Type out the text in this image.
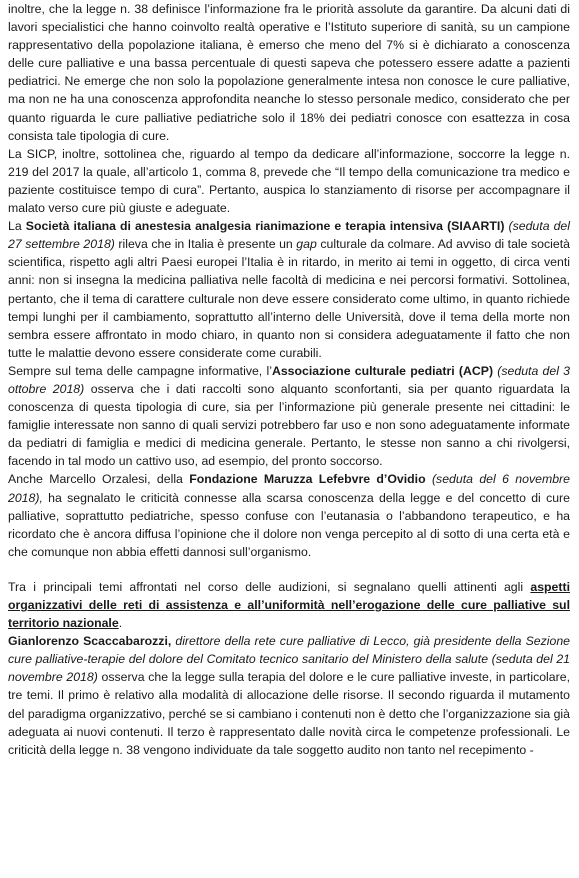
inoltre, che la legge n. 38 definisce l’informazione fra le priorità assolute da garantire. Da alcuni dati di lavori specialistici che hanno coinvolto realtà operative e l’Istituto superiore di sanità, su un campione rappresentativo della popolazione italiana, è emerso che meno del 7% si è dichiarato a conoscenza delle cure palliative e una bassa percentuale di questi sapeva che potessero essere adatte a pazienti pediatrici. Ne emerge che non solo la popolazione generalmente intesa non conosce le cure palliative, ma non ne ha una conoscenza approfondita neanche lo stesso personale medico, considerato che per quanto riguarda le cure palliative pediatriche solo il 18% dei pediatri conosce con esattezza in cosa consista tale tipologia di cure.

La SICP, inoltre, sottolinea che, riguardo al tempo da dedicare all’informazione, soccorre la legge n. 219 del 2017 la quale, all’articolo 1, comma 8, prevede che “Il tempo della comunicazione tra medico e paziente costituisce tempo di cura”. Pertanto, auspica lo stanziamento di risorse per accompagnare il malato verso cure più giuste e adeguate.

La Società italiana di anestesia analgesia rianimazione e terapia intensiva (SIAARTI) (seduta del 27 settembre 2018) rileva che in Italia è presente un gap culturale da colmare. Ad avviso di tale società scientifica, rispetto agli altri Paesi europei l’Italia è in ritardo, in merito ai temi in oggetto, di circa venti anni: non si insegna la medicina palliativa nelle facoltà di medicina e nei percorsi formativi. Sottolinea, pertanto, che il tema di carattere culturale non deve essere considerato come ultimo, in quanto richiede tempi lunghi per il cambiamento, soprattutto all’interno delle Università, dove il tema della morte non sembra essere affrontato in modo chiaro, in quanto non si considera adeguatamente il fatto che non tutte le malattie devono essere considerate come curabili.

Sempre sul tema delle campagne informative, l’Associazione culturale pediatri (ACP) (seduta del 3 ottobre 2018) osserva che i dati raccolti sono alquanto sconfortanti, sia per quanto riguardata la conoscenza di questa tipologia di cure, sia per l’informazione più generale presente nei cittadini: le famiglie interessate non sanno di quali servizi potrebbero far uso e non sono adeguatamente informate da pediatri di famiglia e medici di medicina generale. Pertanto, le stesse non sanno a chi rivolgersi, facendo in tal modo un cattivo uso, ad esempio, del pronto soccorso.

Anche Marcello Orzalesi, della Fondazione Maruzza Lefebvre d’Ovidio (seduta del 6 novembre 2018), ha segnalato le criticità connesse alla scarsa conoscenza della legge e del concetto di cure palliative, soprattutto pediatriche, spesso confuse con l’eutanasia o l’abbandono terapeutico, e ha ricordato che è ancora diffusa l’opinione che il dolore non venga percepito al di sotto di una certa età e che comunque non abbia effetti dannosi sull’organismo.

Tra i principali temi affrontati nel corso delle audizioni, si segnalano quelli attinenti agli aspetti organizzativi delle reti di assistenza e all’uniformità nell’erogazione delle cure palliative sul territorio nazionale.

Gianlorenzo Scaccabarozzi, direttore della rete cure palliative di Lecco, già presidente della Sezione cure palliative-terapie del dolore del Comitato tecnico sanitario del Ministero della salute (seduta del 21 novembre 2018) osserva che la legge sulla terapia del dolore e le cure palliative investe, in particolare, tre temi. Il primo è relativo alla modalità di allocazione delle risorse. Il secondo riguarda il mutamento del paradigma organizzativo, perché se si cambiano i contenuti non è detto che l’organizzazione sia già adeguata ai nuovi contenuti. Il terzo è rappresentato dalle novità circa le competenze professionali. Le criticità della legge n. 38 vengono individuate da tale soggetto audito non tanto nel recepimento -
